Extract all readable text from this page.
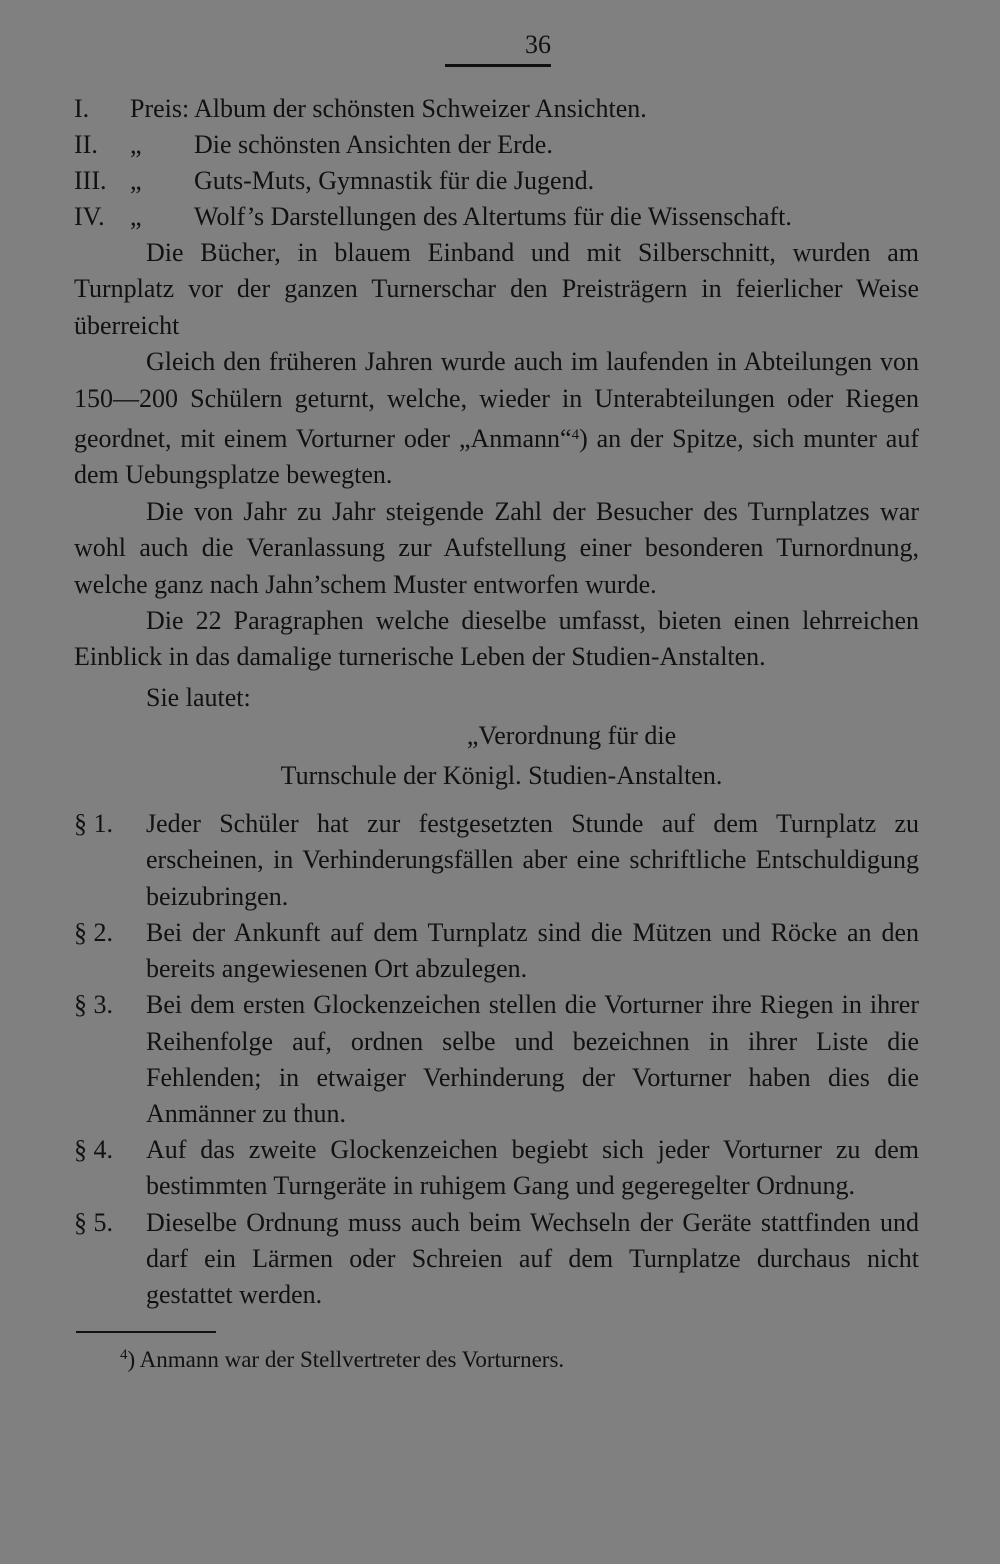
36
I.	Preis: Album der schönsten Schweizer Ansichten.
II.	„	Die schönsten Ansichten der Erde.
III. „	Guts-Muts, Gymnastik für die Jugend.
IV. „	Wolf’s Darstellungen des Altertums für die Wissenschaft.

Die Bücher, in blauem Einband und mit Silberschnitt, wurden am Turnplatz vor der ganzen Turnerschar den Preisträgern in feierlicher Weise überreicht

Gleich den früheren Jahren wurde auch im laufenden in Abteilungen von 150—200 Schülern geturnt, welche, wieder in Unterabteilungen oder Riegen geordnet, mit einem Vorturner oder „Anmann“$^4$) an der Spitze, sich munter auf dem Uebungsplatze bewegten.

Die von Jahr zu Jahr steigende Zahl der Besucher des Turnplatzes war wohl auch die Veranlassung zur Aufstellung einer besonderen Turnordnung, welche ganz nach Jahn’schem Muster entworfen wurde.

Die 22 Paragraphen welche dieselbe umfasst, bieten einen lehrreichen Einblick in das damalige turnerische Leben der Studien-Anstalten.

Sie lautet:

„Verordnung für die
Turnschule der Königl. Studien-Anstalten.
§ 1.	Jeder Schüler hat zur festgesetzten Stunde auf dem Turnplatz zu erscheinen, in Verhinderungsfällen aber eine schriftliche Entschuldigung beizubringen.
§ 2.	Bei der Ankunft auf dem Turnplatz sind die Mützen und Röcke an den bereits angewiesenen Ort abzulegen.
§ 3.	Bei dem ersten Glockenzeichen stellen die Vorturner ihre Riegen in ihrer Reihenfolge auf, ordnen selbe und bezeichnen in ihrer Liste die Fehlenden; in etwaiger Verhinderung der Vorturner haben dies die Anmänner zu thun.
§ 4.	Auf das zweite Glockenzeichen begiebt sich jeder Vorturner zu dem bestimmten Turngeräte in ruhigem Gang und gegeregelter Ordnung.
§ 5.	Dieselbe Ordnung muss auch beim Wechseln der Geräte stattfinden und darf ein Lärmen oder Schreien auf dem Turnplatze durchaus nicht gestattet werden.
$^4$) Anmann war der Stellvertreter des Vorturners.
